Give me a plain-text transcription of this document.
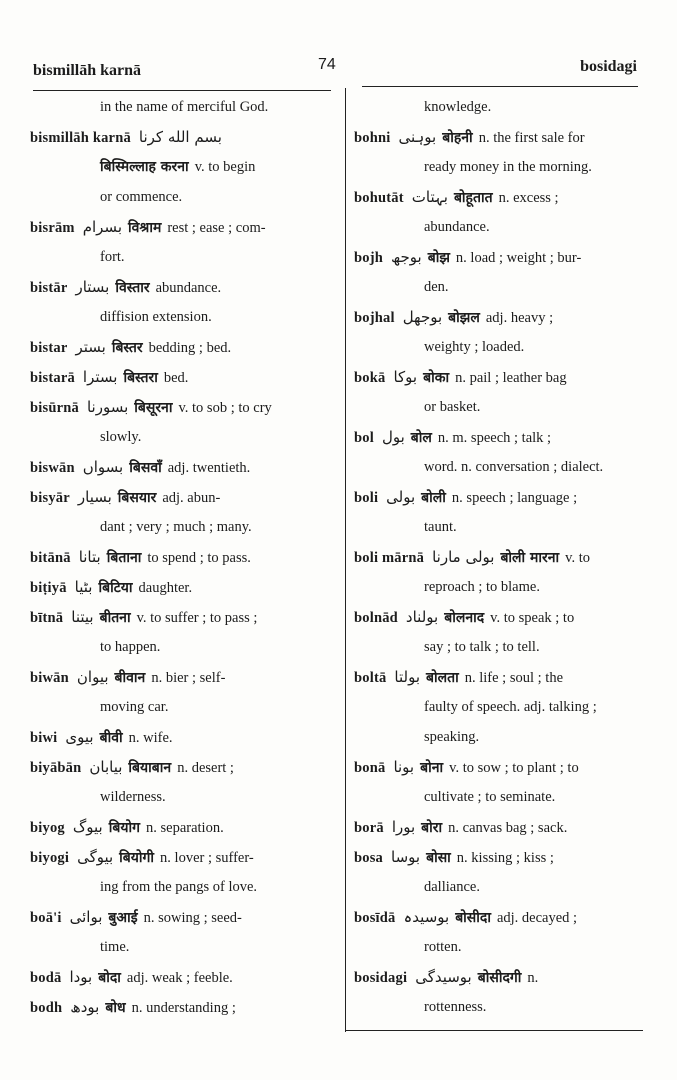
bismillāh karnā	74	bosidagi
in the name of merciful God.
bismillāh karnā بسم الله کرنا
बिस्मिल्लाह करना v. to begin
or commence.
bisrām بسرام विश्राम rest ; ease ; com-
fort.
bistār بستار विस्तार abundance.
diffision extension.
bistar بستر बिस्तर bedding ; bed.
bistarā بسترا बिस्तरा bed.
bisūrnā بسورنا बिसूरना v. to sob ; to cry
slowly.
biswān بسواں बिसवाँ adj. twentieth.
bisyār بسیار बिसयार adj. abun-
dant ; very ; much ; many.
bitānā بتانا बिताना to spend ; to pass.
biṭiyā بٹیا बिटिया daughter.
bītnā بیتنا बीतना v. to suffer ; to pass ;
to happen.
biwān بیوان बीवान n. bier ; self-
moving car.
biwi بیوی बीवी n. wife.
biyābān بیابان बियाबान n. desert ;
wilderness.
biyog بیوگ बियोग n. separation.
biyogi بیوگی बियोगी n. lover ; suffer-
ing from the pangs of love.
boā'i بوائی बुआई n. sowing ; seed-
time.
bodā بودا बोदा adj. weak ; feeble.
bodh بودھ बोध n. understanding ;
knowledge.
bohni بوہنی बोहनी n. the first sale for
ready money in the morning.
bohutāt بہتات बोहूतात n. excess ;
abundance.
bojh بوجھ बोझ n. load ; weight ; bur-
den.
bojhal بوجھل बोझल adj. heavy ;
weighty ; loaded.
bokā بوکا बोका n. pail ; leather bag
or basket.
bol بول बोल n. m. speech ; talk ;
word. n. conversation ; dialect.
boli بولی बोली n. speech ; language ;
taunt.
boli mārnā بولی مارنا बोली मारना v. to
reproach ; to blame.
bolnād بولناد बोलनाद v. to speak ; to
say ; to talk ; to tell.
boltā بولتا बोलता n. life ; soul ; the
faulty of speech. adj. talking ;
speaking.
bonā بونا बोना v. to sow ; to plant ; to
cultivate ; to seminate.
borā بورا बोरा n. canvas bag ; sack.
bosa بوسا बोसा n. kissing ; kiss ;
dalliance.
bosīdā بوسیدہ बोसीदा adj. decayed ;
rotten.
bosidagi بوسیدگی बोसीदगी n.
rottenness.
